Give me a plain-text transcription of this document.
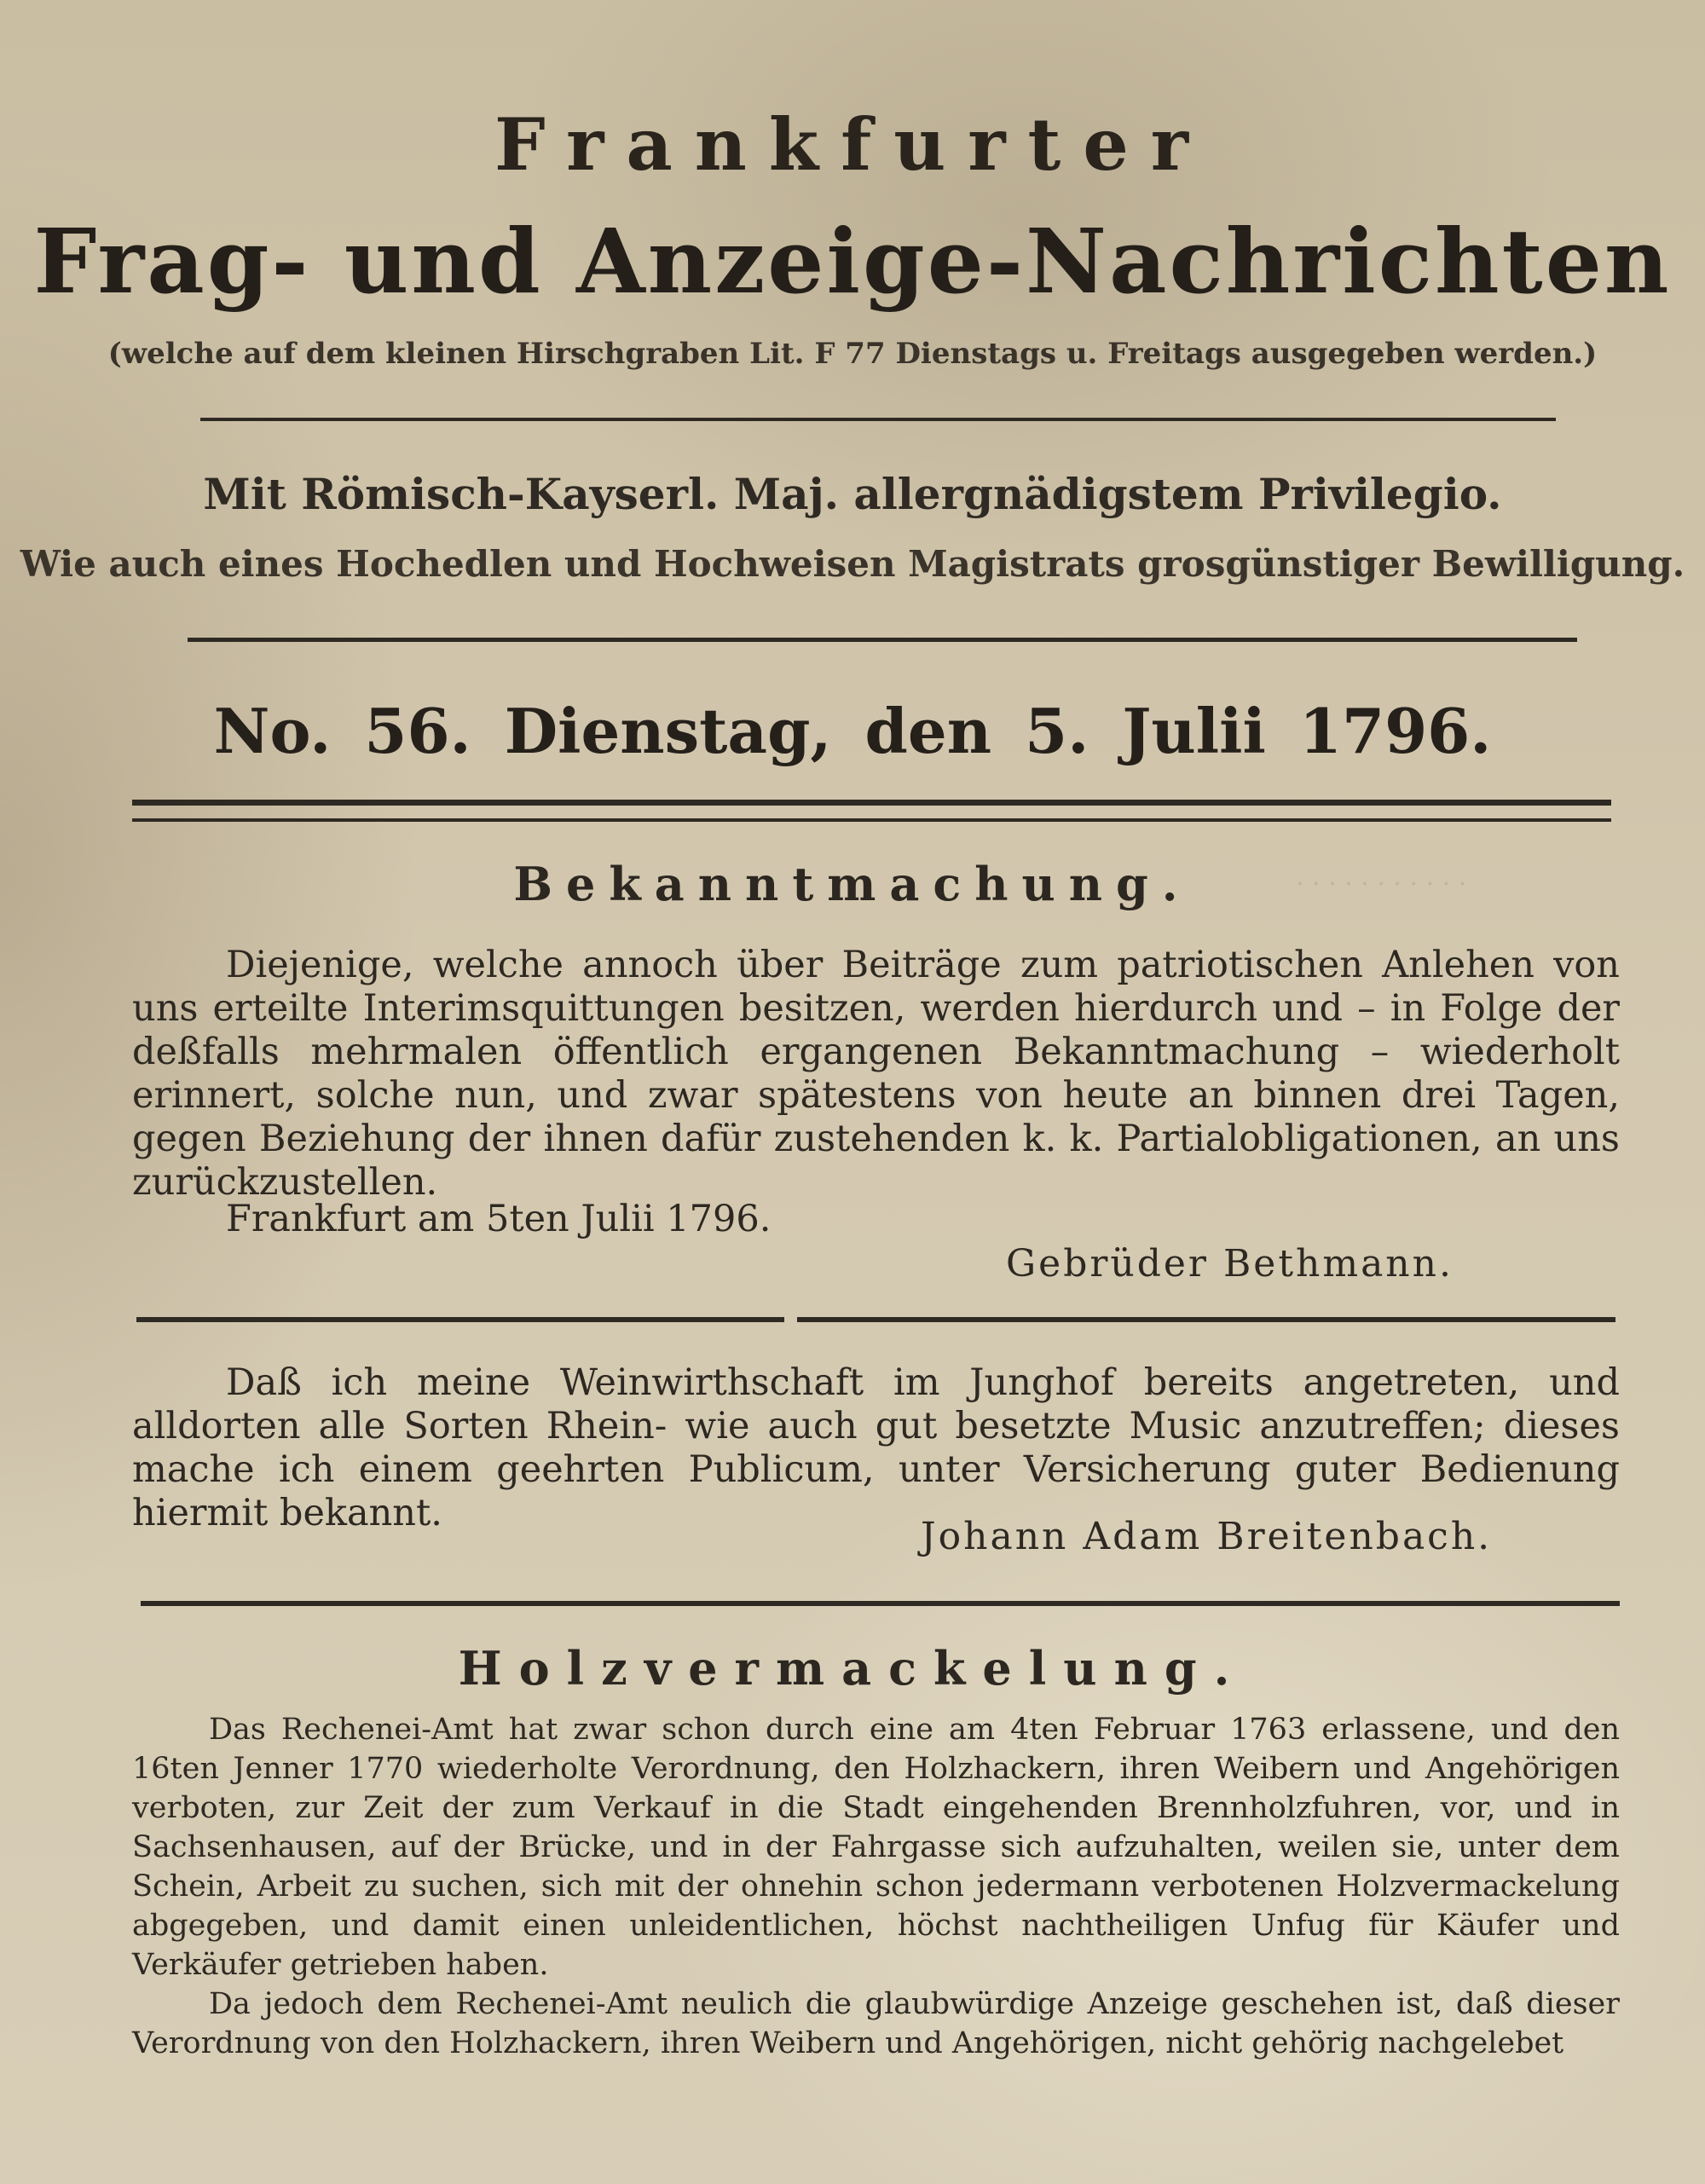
· · · · · · · · · · ·
Frankfurter
Frag- und Anzeige-Nachrichten
(welche auf dem kleinen Hirschgraben Lit. F 77 Dienstags u. Freitags ausgegeben werden.)
Mit Römisch-Kayserl. Maj. allergnädigstem Privilegio.
Wie auch eines Hochedlen und Hochweisen Magistrats grosgünstiger Bewilligung.
No. 56. Dienstag, den 5. Julii 1796.
Bekanntmachung.
Diejenige, welche annoch über Beiträge zum patriotischen Anlehen von uns erteilte Interimsquittungen besitzen, werden hierdurch und – in Folge der deßfalls mehrmalen öffentlich ergangenen Bekanntmachung – wiederholt erinnert, solche nun, und zwar spätestens von heute an binnen drei Tagen, gegen Beziehung der ihnen dafür zustehenden k. k. Partialobligationen, an uns zurückzustellen.
Frankfurt am 5ten Julii 1796.
Gebrüder Bethmann.
Daß ich meine Weinwirthschaft im Junghof bereits angetreten, und alldorten alle Sorten Rhein- wie auch gut besetzte Music anzutreffen; dieses mache ich einem geehrten Publicum, unter Versicherung guter Bedienung hiermit bekannt.
Johann Adam Breitenbach.
Holzvermackelung.
Das Rechenei-Amt hat zwar schon durch eine am 4ten Februar 1763 erlassene, und den 16ten Jenner 1770 wiederholte Verordnung, den Holzhackern, ihren Weibern und Angehörigen verboten, zur Zeit der zum Verkauf in die Stadt eingehenden Brennholzfuhren, vor, und in Sachsenhausen, auf der Brücke, und in der Fahrgasse sich aufzuhalten, weilen sie, unter dem Schein, Arbeit zu suchen, sich mit der ohnehin schon jedermann verbotenen Holzvermackelung abgegeben, und damit einen unleidentlichen, höchst nachtheiligen Unfug für Käufer und Verkäufer getrieben haben.
Da jedoch dem Rechenei-Amt neulich die glaubwürdige Anzeige geschehen ist, daß dieser Verordnung von den Holzhackern, ihren Weibern und Angehörigen, nicht gehörig nachgelebet
